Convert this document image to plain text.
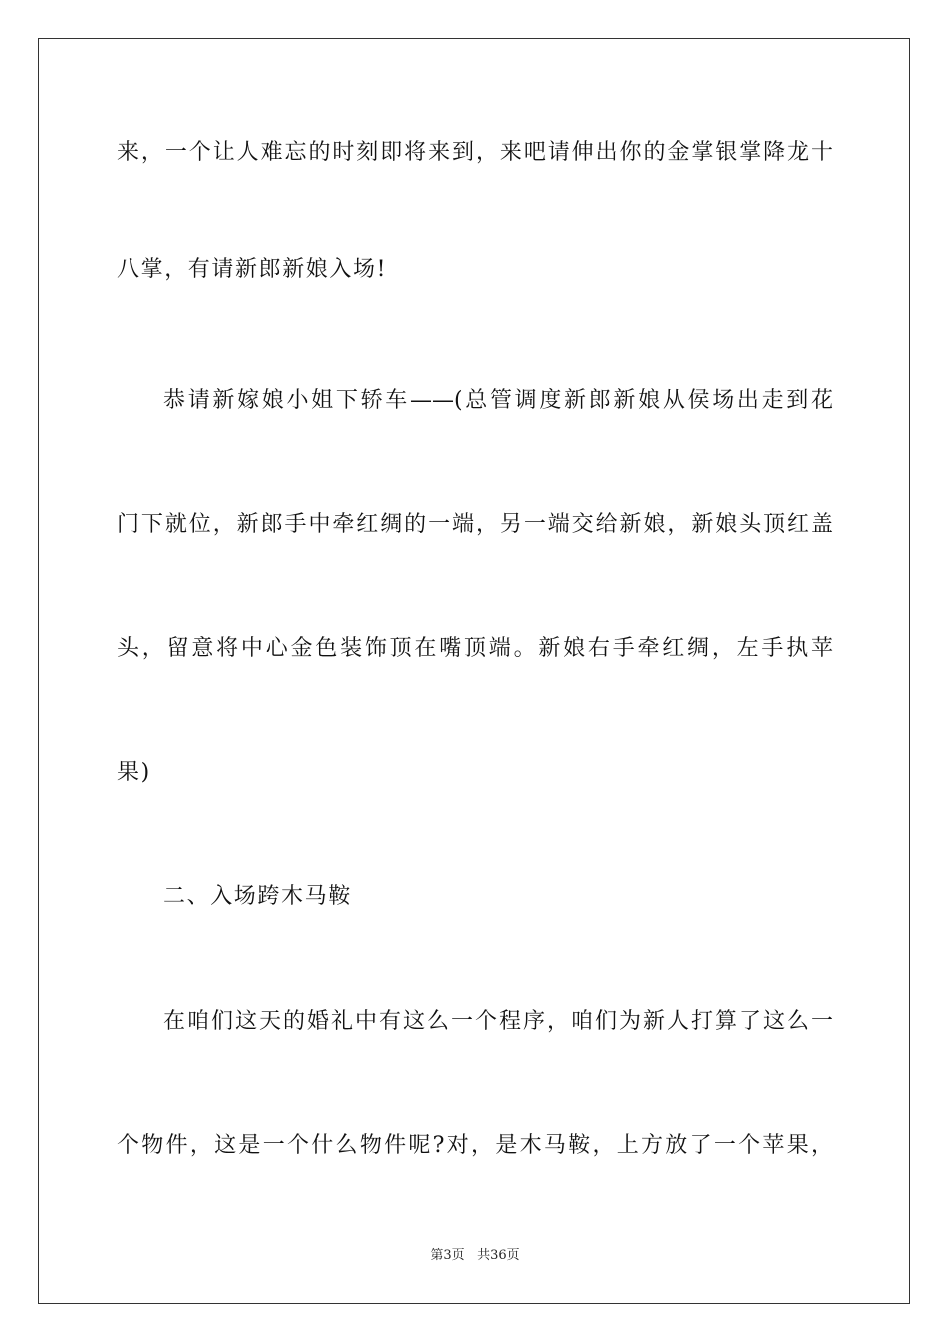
来，一个让人难忘的时刻即将来到，来吧请伸出你的金掌银掌降龙十
八掌，有请新郎新娘入场!
恭请新嫁娘小姐下轿车——(总管调度新郎新娘从侯场出走到花
门下就位，新郎手中牵红绸的一端，另一端交给新娘，新娘头顶红盖
头，留意将中心金色装饰顶在嘴顶端。新娘右手牵红绸，左手执苹
果)
二、入场跨木马鞍
在咱们这天的婚礼中有这么一个程序，咱们为新人打算了这么一
个物件，这是一个什么物件呢?对，是木马鞍，上方放了一个苹果，
第3页 共36页
